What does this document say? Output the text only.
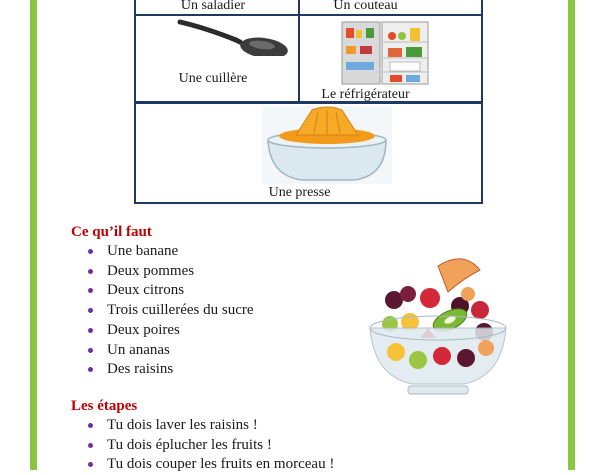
Un saladier	Un couteau
Une cuillère
Le réfrigérateur
Une presse
Ce qu’il faut
Une banane
Deux pommes
Deux citrons
Trois cuillerées du sucre
Deux poires
Un ananas
Des raisins
Les étapes
Tu dois laver les raisins !
Tu dois éplucher les fruits !
Tu dois couper les fruits en morceau !
